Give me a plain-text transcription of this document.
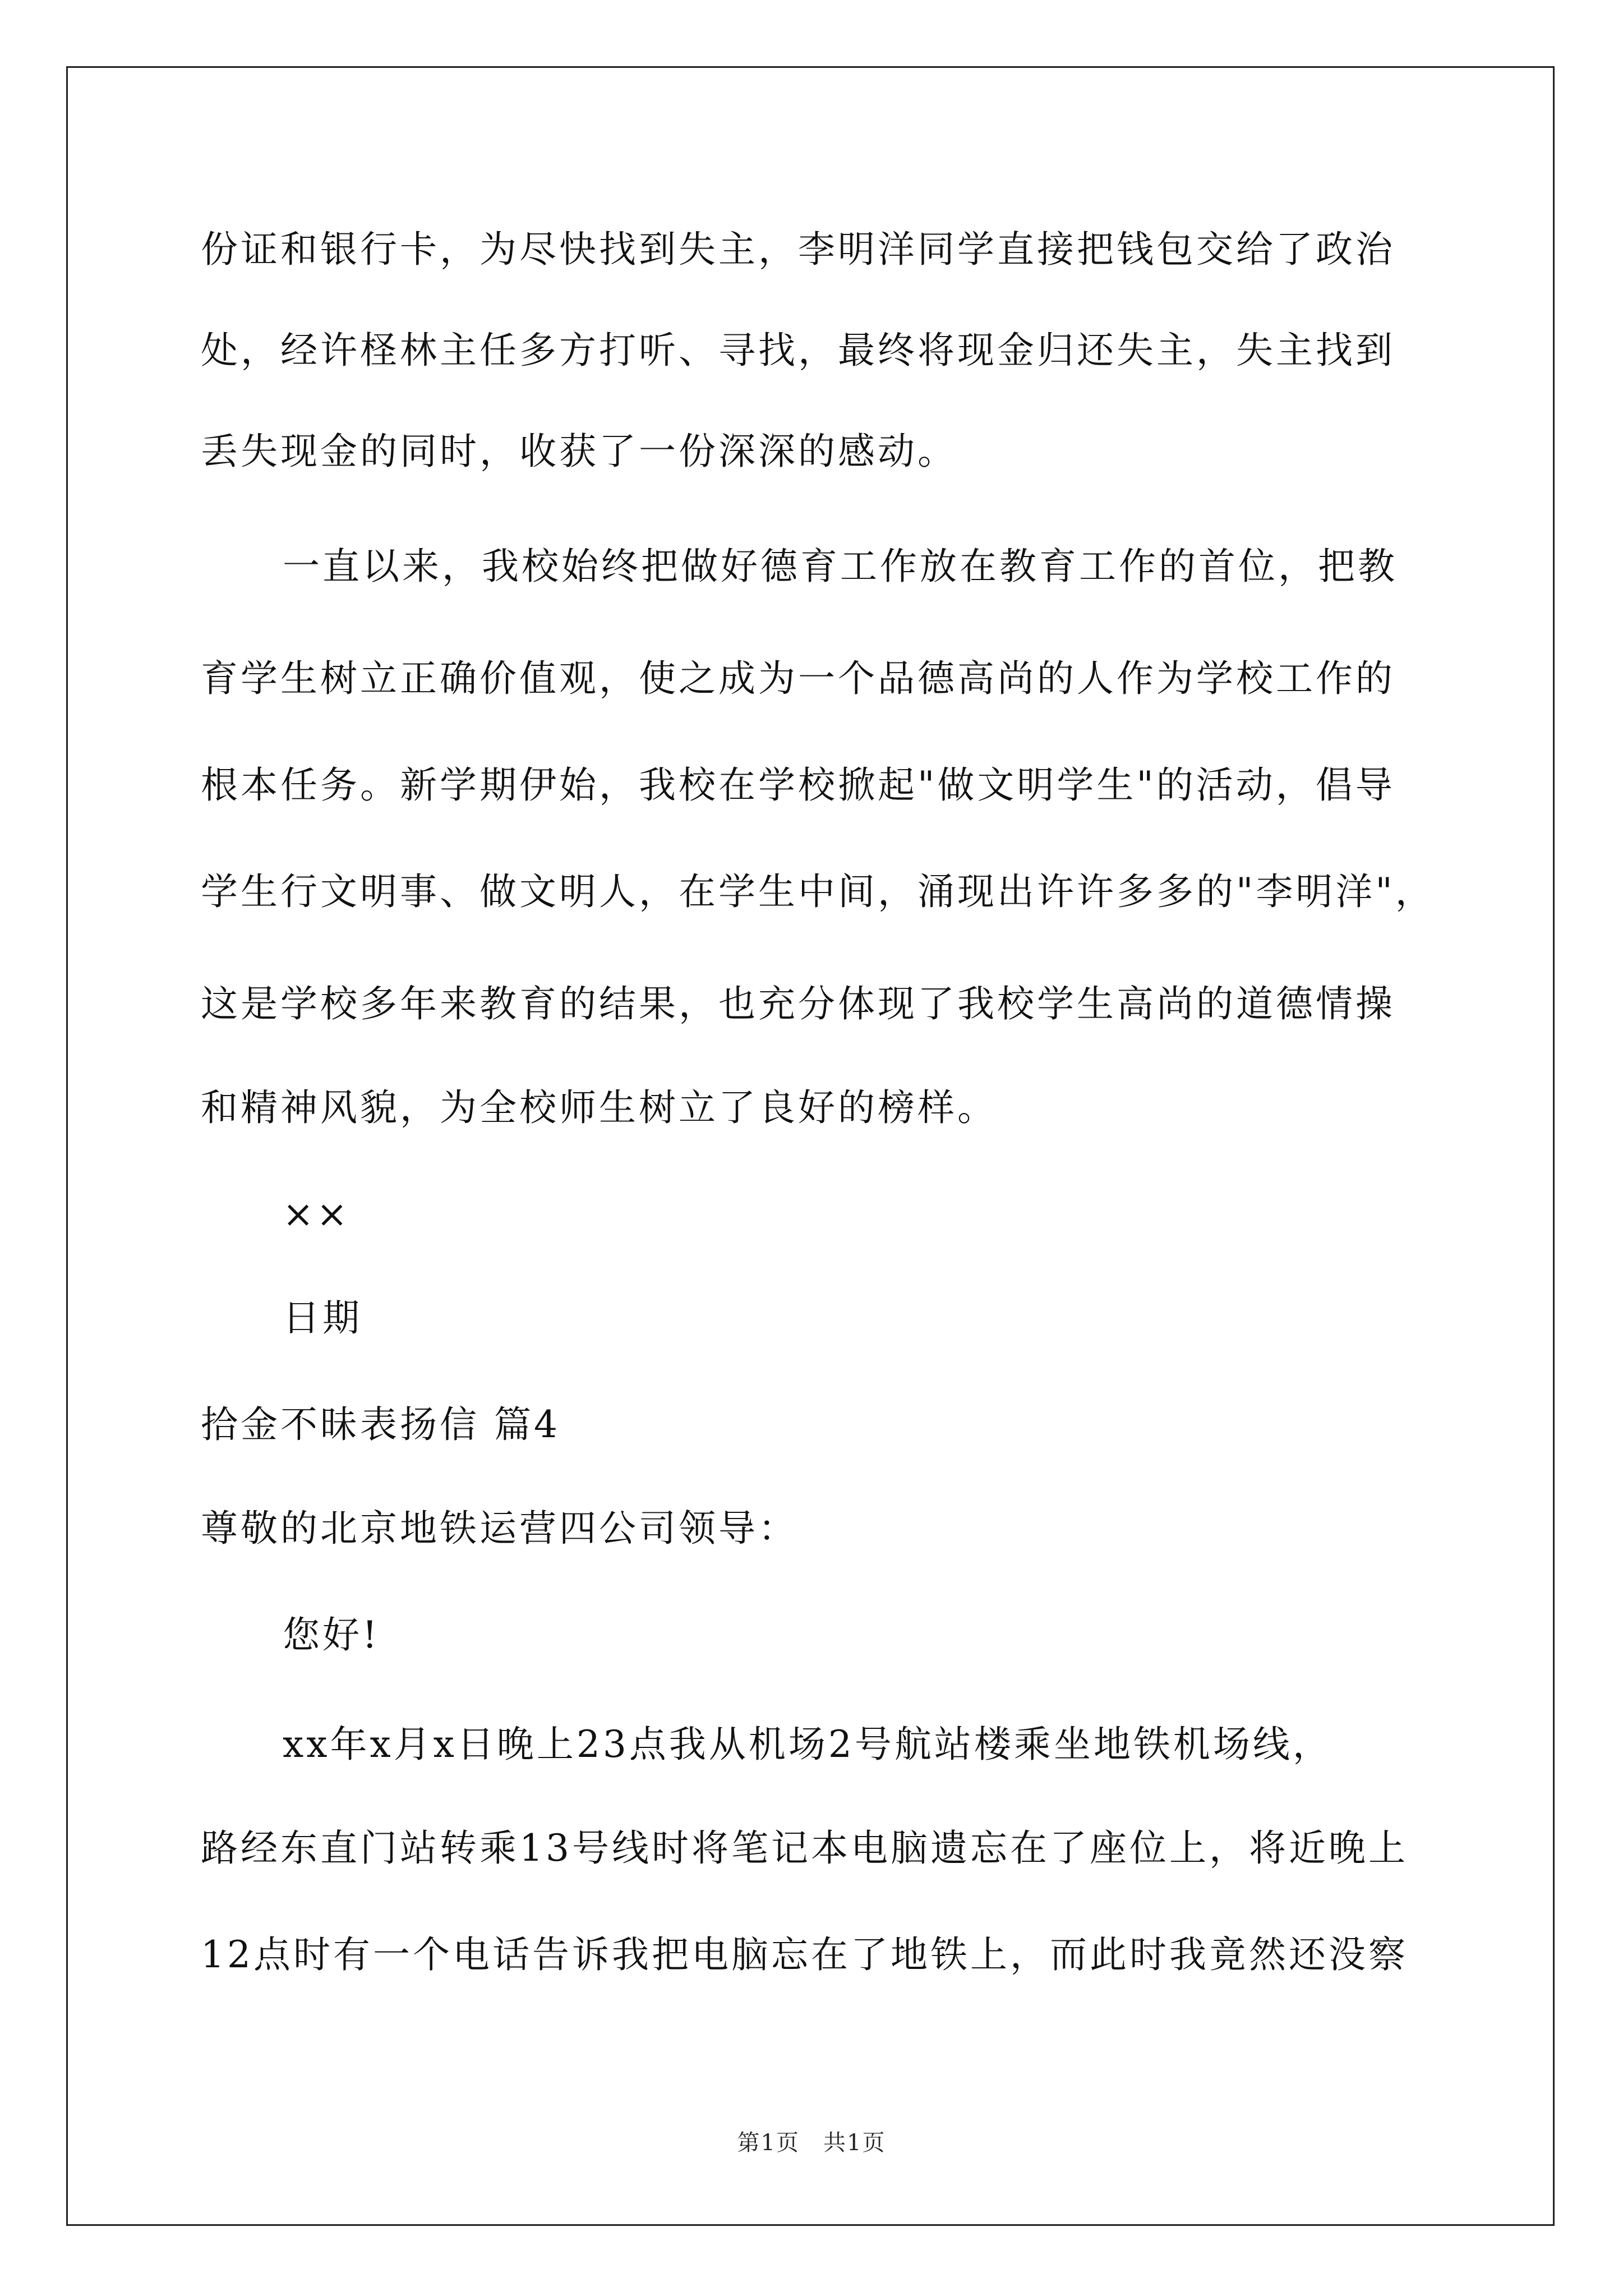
份证和银行卡，为尽快找到失主，李明洋同学直接把钱包交给了政治
处，经许柽林主任多方打听、寻找，最终将现金归还失主，失主找到
丢失现金的同时，收获了一份深深的感动。
一直以来，我校始终把做好德育工作放在教育工作的首位，把教
育学生树立正确价值观，使之成为一个品德高尚的人作为学校工作的
根本任务。新学期伊始，我校在学校掀起"做文明学生"的活动，倡导
学生行文明事、做文明人，在学生中间，涌现出许许多多的"李明洋"，
这是学校多年来教育的结果，也充分体现了我校学生高尚的道德情操
和精神风貌，为全校师生树立了良好的榜样。
××
日期
拾金不昧表扬信 篇4
尊敬的北京地铁运营四公司领导：
您好!
xx年x月x日晚上23点我从机场2号航站楼乘坐地铁机场线，
路经东直门站转乘13号线时将笔记本电脑遗忘在了座位上，将近晚上
12点时有一个电话告诉我把电脑忘在了地铁上，而此时我竟然还没察
第1页　共1页
